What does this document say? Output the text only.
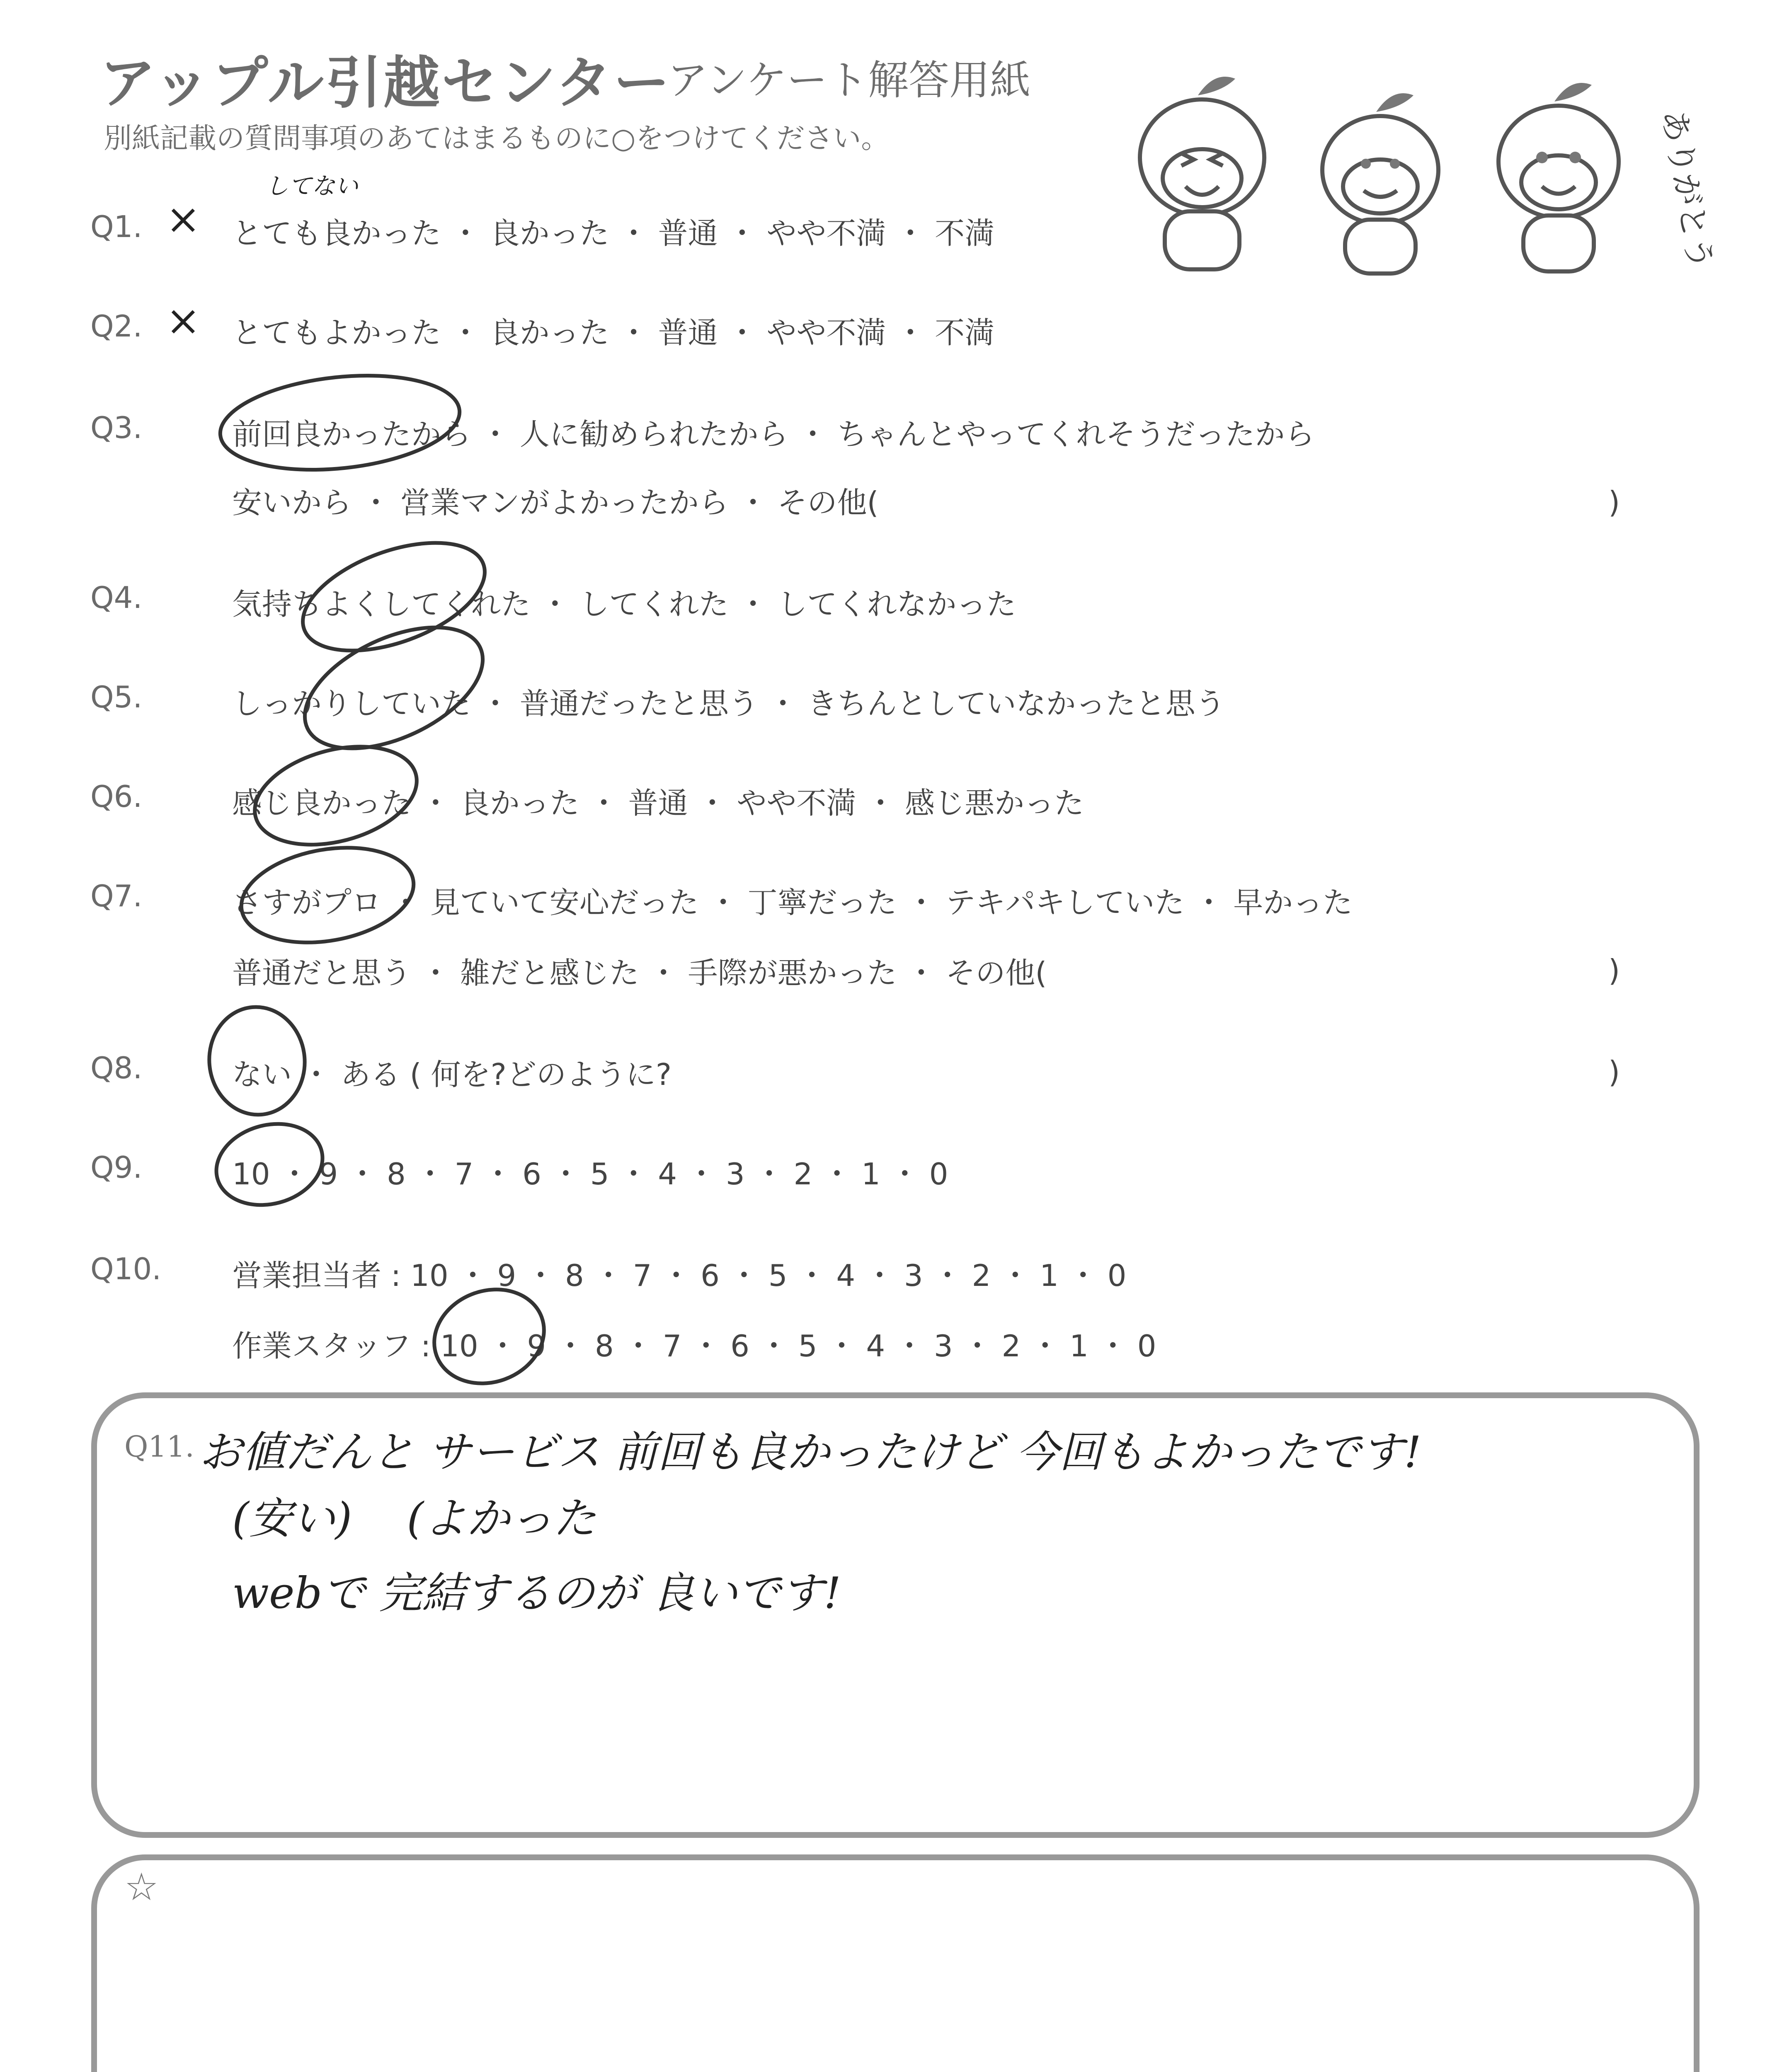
アップル引越センター
アンケート解答用紙
別紙記載の質問事項のあてはまるものに○をつけてください。	ありがとう
Q1. ×
してない
とても良かった ・ 良かった ・ 普通 ・ やや不満 ・ 不満
Q2. × とてもよかった ・ 良かった ・ 普通 ・ やや不満 ・ 不満
Q3.	前回良かったから ・ 人に勧められたから ・ ちゃんとやってくれそうだったから
安いから ・ 営業マンがよかったから ・ その他(	)
Q4.	気持ちよくしてくれた ・ してくれた ・ してくれなかった
Q5.	しっかりしていた ・ 普通だったと思う ・ きちんとしていなかったと思う
Q6.	感じ良かった ・ 良かった ・ 普通 ・ やや不満 ・ 感じ悪かった
Q7.	さすがプロ ・ 見ていて安心だった ・ 丁寧だった ・ テキパキしていた ・ 早かった
普通だと思う ・ 雑だと感じた ・ 手際が悪かった ・ その他(	)
Q8.	ない ・ ある ( 何を?どのように?	)
Q9.	10 ・ 9 ・ 8 ・ 7 ・ 6 ・ 5 ・ 4 ・ 3 ・ 2 ・ 1 ・ 0
Q10. 営業担当者 : 10 ・ 9 ・ 8 ・ 7 ・ 6 ・ 5 ・ 4 ・ 3 ・ 2 ・ 1 ・ 0
作業スタッフ : 10 ・ 9 ・ 8 ・ 7 ・ 6 ・ 5 ・ 4 ・ 3 ・ 2 ・ 1 ・ 0
Q11. お値だんと サービス 前回も良かったけど 今回もよかったです!
(安い)    (よかった
webで 完結するのが 良いです!
☆
